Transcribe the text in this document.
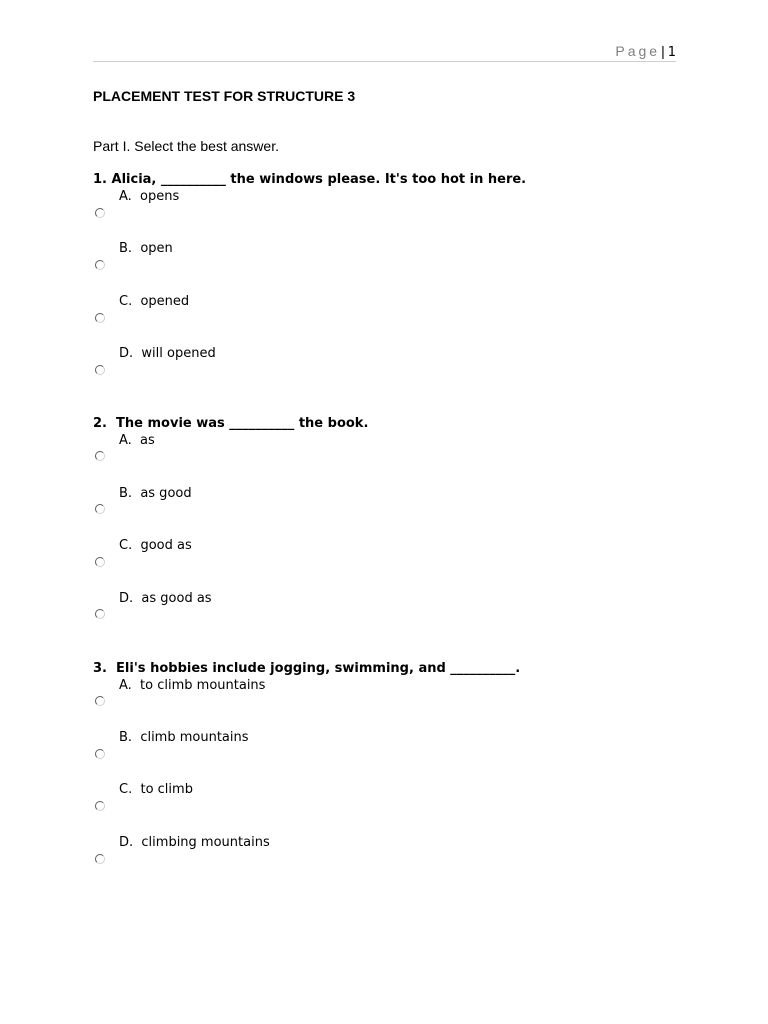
Page| 1
PLACEMENT TEST FOR STRUCTURE 3
Part I. Select the best answer.
1. Alicia, __________ the windows please. It's too hot in here.
A.  opens
B.  open
C.  opened
D.  will opened
2.  The movie was __________ the book.
A.  as
B.  as good
C.  good as
D.  as good as
3.  Eli's hobbies include jogging, swimming, and __________.
A.  to climb mountains
B.  climb mountains
C.  to climb
D.  climbing mountains
